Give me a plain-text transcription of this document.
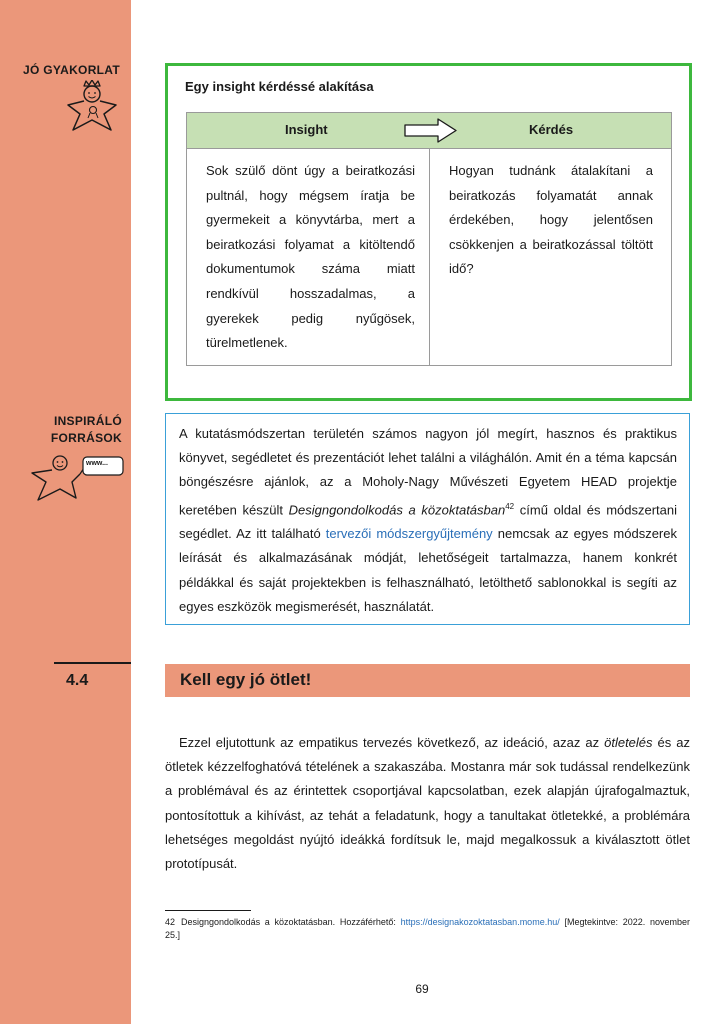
JÓ GYAKORLAT
INSPIRÁLÓ
FORRÁSOK
www...
Egy insight kérdéssé alakítása
Insight	Kérdés
Sok szülő dönt úgy a beiratkozási pultnál, hogy mégsem íratja be gyermekeit a könyvtárba, mert a beiratkozási folyamat a kitöltendő dokumentumok száma miatt rendkívül hosszadalmas, a gyerekek pedig nyűgösek, türelmetlenek.
Hogyan tudnánk átalakítani a beiratkozás folyamatát annak érdekében, hogy jelentősen csökkenjen a beiratkozással töltött idő?
A kutatásmódszertan területén számos nagyon jól megírt, hasznos és praktikus könyvet, segédletet és prezentációt lehet találni a világhálón. Amit én a téma kapcsán böngészésre ajánlok, az a Moholy-Nagy Művészeti Egyetem HEAD projektje keretében készült Designgondolkodás a közoktatásban$^{42}$ című oldal és módszertani segédlet. Az itt található tervezői módszergyűjtemény nemcsak az egyes módszerek leírását és alkalmazásának módját, lehetőségeit tartalmazza, hanem konkrét példákkal és saját projektekben is felhasználható, letölthető sablonokkal is segíti az egyes eszközök megismerését, használatát.
4.4	Kell egy jó ötlet!

Ezzel eljutottunk az empatikus tervezés következő, az ideáció, azaz az ötletelés és az ötletek kézzelfoghatóvá tételének a szakaszába. Mostanra már sok tudással rendelkezünk a problémával és az érintettek csoportjával kapcsolatban, ezek alapján újrafogalmaztuk, pontosítottuk a kihívást, az tehát a feladatunk, hogy a tanultakat ötletekké, a problémára lehetséges megoldást nyújtó ideákká fordítsuk le, majd megalkossuk a kiválasztott ötlet prototípusát.

42 Designgondolkodás a közoktatásban. Hozzáférhető: https://designakozoktatasban.mome.hu/ [Megtekintve: 2022. november 25.]
69
